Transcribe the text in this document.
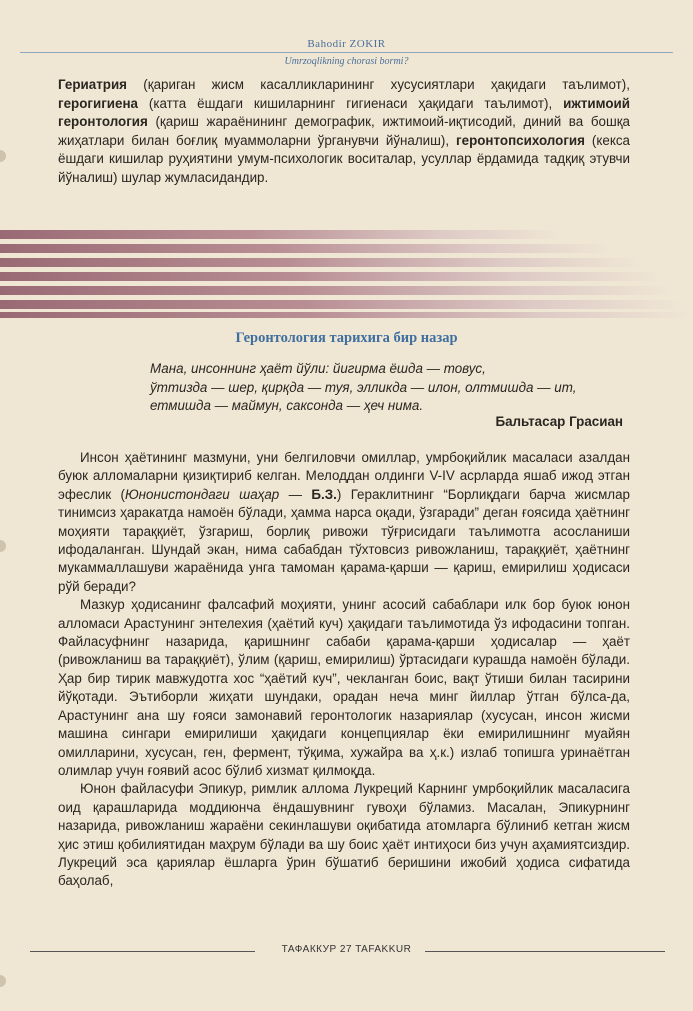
Bahodir ZOKIR
Umrzoqlikning chorasi bormi?
Гериатрия (қариган жисм касалликларининг хусусиятлари ҳақидаги таълимот), герогигиена (катта ёшдаги кишиларнинг гигиенаси ҳақидаги таълимот), ижтимоий геронтология (қариш жараёнининг демографик, ижтимоий-иқтисодий, диний ва бошқа жиҳатлари билан боғлиқ муаммоларни ўрганувчи йўналиш), геронтопсихология (кекса ёшдаги кишилар руҳиятини умум-психологик воситалар, усуллар ёрдамида тадқиқ этувчи йўналиш) шулар жумласидандир.
Геронтология тарихига бир назар
Мана, инсоннинг ҳаёт йўли: йигирма ёшда — товус,
ўттизда — шер, қирқда — туя, элликда — илон, олтмишда — ит,
етмишда — маймун, саксонда — ҳеч нима.
Бальтасар Грасиан

Инсон ҳаётининг мазмуни, уни белгиловчи омиллар, умрбоқийлик масаласи азалдан буюк алломаларни қизиқтириб келган. Мелоддан олдинги V-IV асрларда яшаб ижод этган эфеслик (Юнонистондаги шаҳар — Б.З.) Гераклитнинг “Борлиқдаги барча жисмлар тинимсиз ҳаракатда намоён бўлади, ҳамма нарса оқади, ўзгаради” деган ғоясида ҳаётнинг моҳияти тараққиёт, ўзгариш, борлиқ ривожи тўғрисидаги таълимотга асосланиши ифодаланган. Шундай экан, нима сабабдан тўхтовсиз ривожланиш, тараққиёт, ҳаётнинг мукаммаллашуви жараёнида унга тамоман қарама-қарши — қариш, емирилиш ҳодисаси рўй беради?

Мазкур ҳодисанинг фалсафий моҳияти, унинг асосий сабаблари илк бор буюк юнон алломаси Арастунинг энтелехия (ҳаётий куч) ҳақидаги таълимотида ўз ифодасини топган. Файласуфнинг назарида, қаришнинг сабаби қарама-қарши ҳодисалар — ҳаёт (ривожланиш ва тараққиёт), ўлим (қариш, емирилиш) ўртасидаги курашда намоён бўлади. Ҳар бир тирик мавжудотга хос “ҳаётий куч”, чекланган боис, вақт ўтиши билан тасирини йўқотади. Эътиборли жиҳати шундаки, орадан неча минг йиллар ўтган бўлса-да, Арастунинг ана шу ғояси замонавий геронтологик назариялар (хусусан, инсон жисми машина сингари емирилиши ҳақидаги концепциялар ёки емирилишнинг муайян омилларини, хусусан, ген, фермент, тўқима, хужайра ва ҳ.к.) излаб топишга уринаётган олимлар учун ғоявий асос бўлиб хизмат қилмоқда.

Юнон файласуфи Эпикур, римлик аллома Лукреций Карнинг умрбоқийлик масаласига оид қарашларида моддиюнча ёндашувнинг гувоҳи бўламиз. Масалан, Эпикурнинг назарида, ривожланиш жараёни секинлашуви оқибатида атомларга бўлиниб кетган жисм ҳис этиш қобилиятидан маҳрум бўлади ва шу боис ҳаёт интиҳоси биз учун аҳамиятсиздир. Лукреций эса қариялар ёшларга ўрин бўшатиб беришини ижобий ҳодиса сифатида баҳолаб,

ТАФАККУР 27 TAFAKKUR
